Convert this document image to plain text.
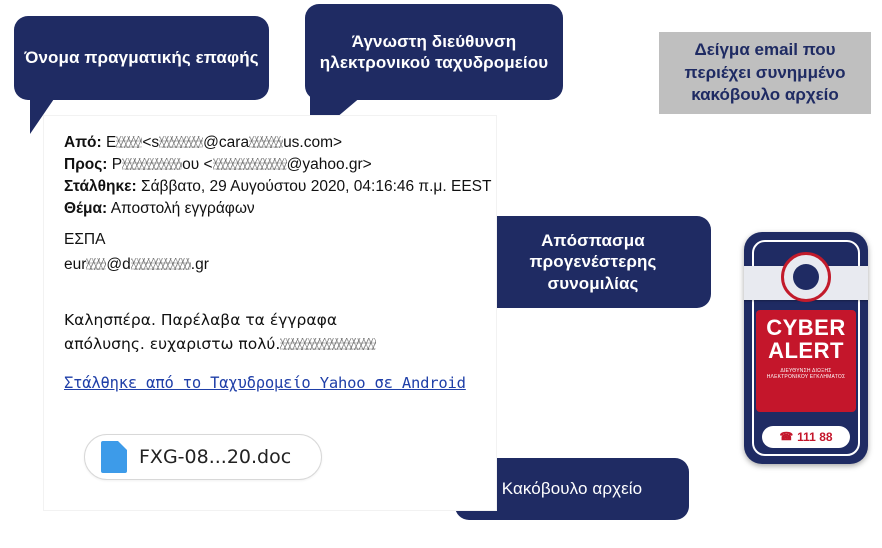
Όνομα πραγματικής επαφής
Άγνωστη διεύθυνση ηλεκτρονικού ταχυδρομείου
Απόσπασμα προγενέστερης συνομιλίας
Κακόβουλο αρχείο
Δείγμα email που περιέχει συνημμένο κακόβουλο αρχείο
Από: Ε <s	@cara us.com>
Προς: Ρ	ου <	@yahoo.gr>
Στάλθηκε: Σάββατο, 29 Αυγούστου 2020, 04:16:46 π.μ. EEST
Θέμα: Αποστολή εγγράφων
ΕΣΠΑ
eur @d	.gr
Καλησπέρα. Παρέλαβα τα έγγραφα
απόλυσης. ευχαριστω πολύ.
Στάλθηκε από το Ταχυδρομείο Yahoo σε Android
FXG-08...20.doc
CYBER
ALERT
ΔΙΕΥΘΥΝΣΗ ΔΙΩΞΗΣ ΗΛΕΚΤΡΟΝΙΚΟΥ ΕΓΚΛΗΜΑΤΟΣ
☎ 111 88
